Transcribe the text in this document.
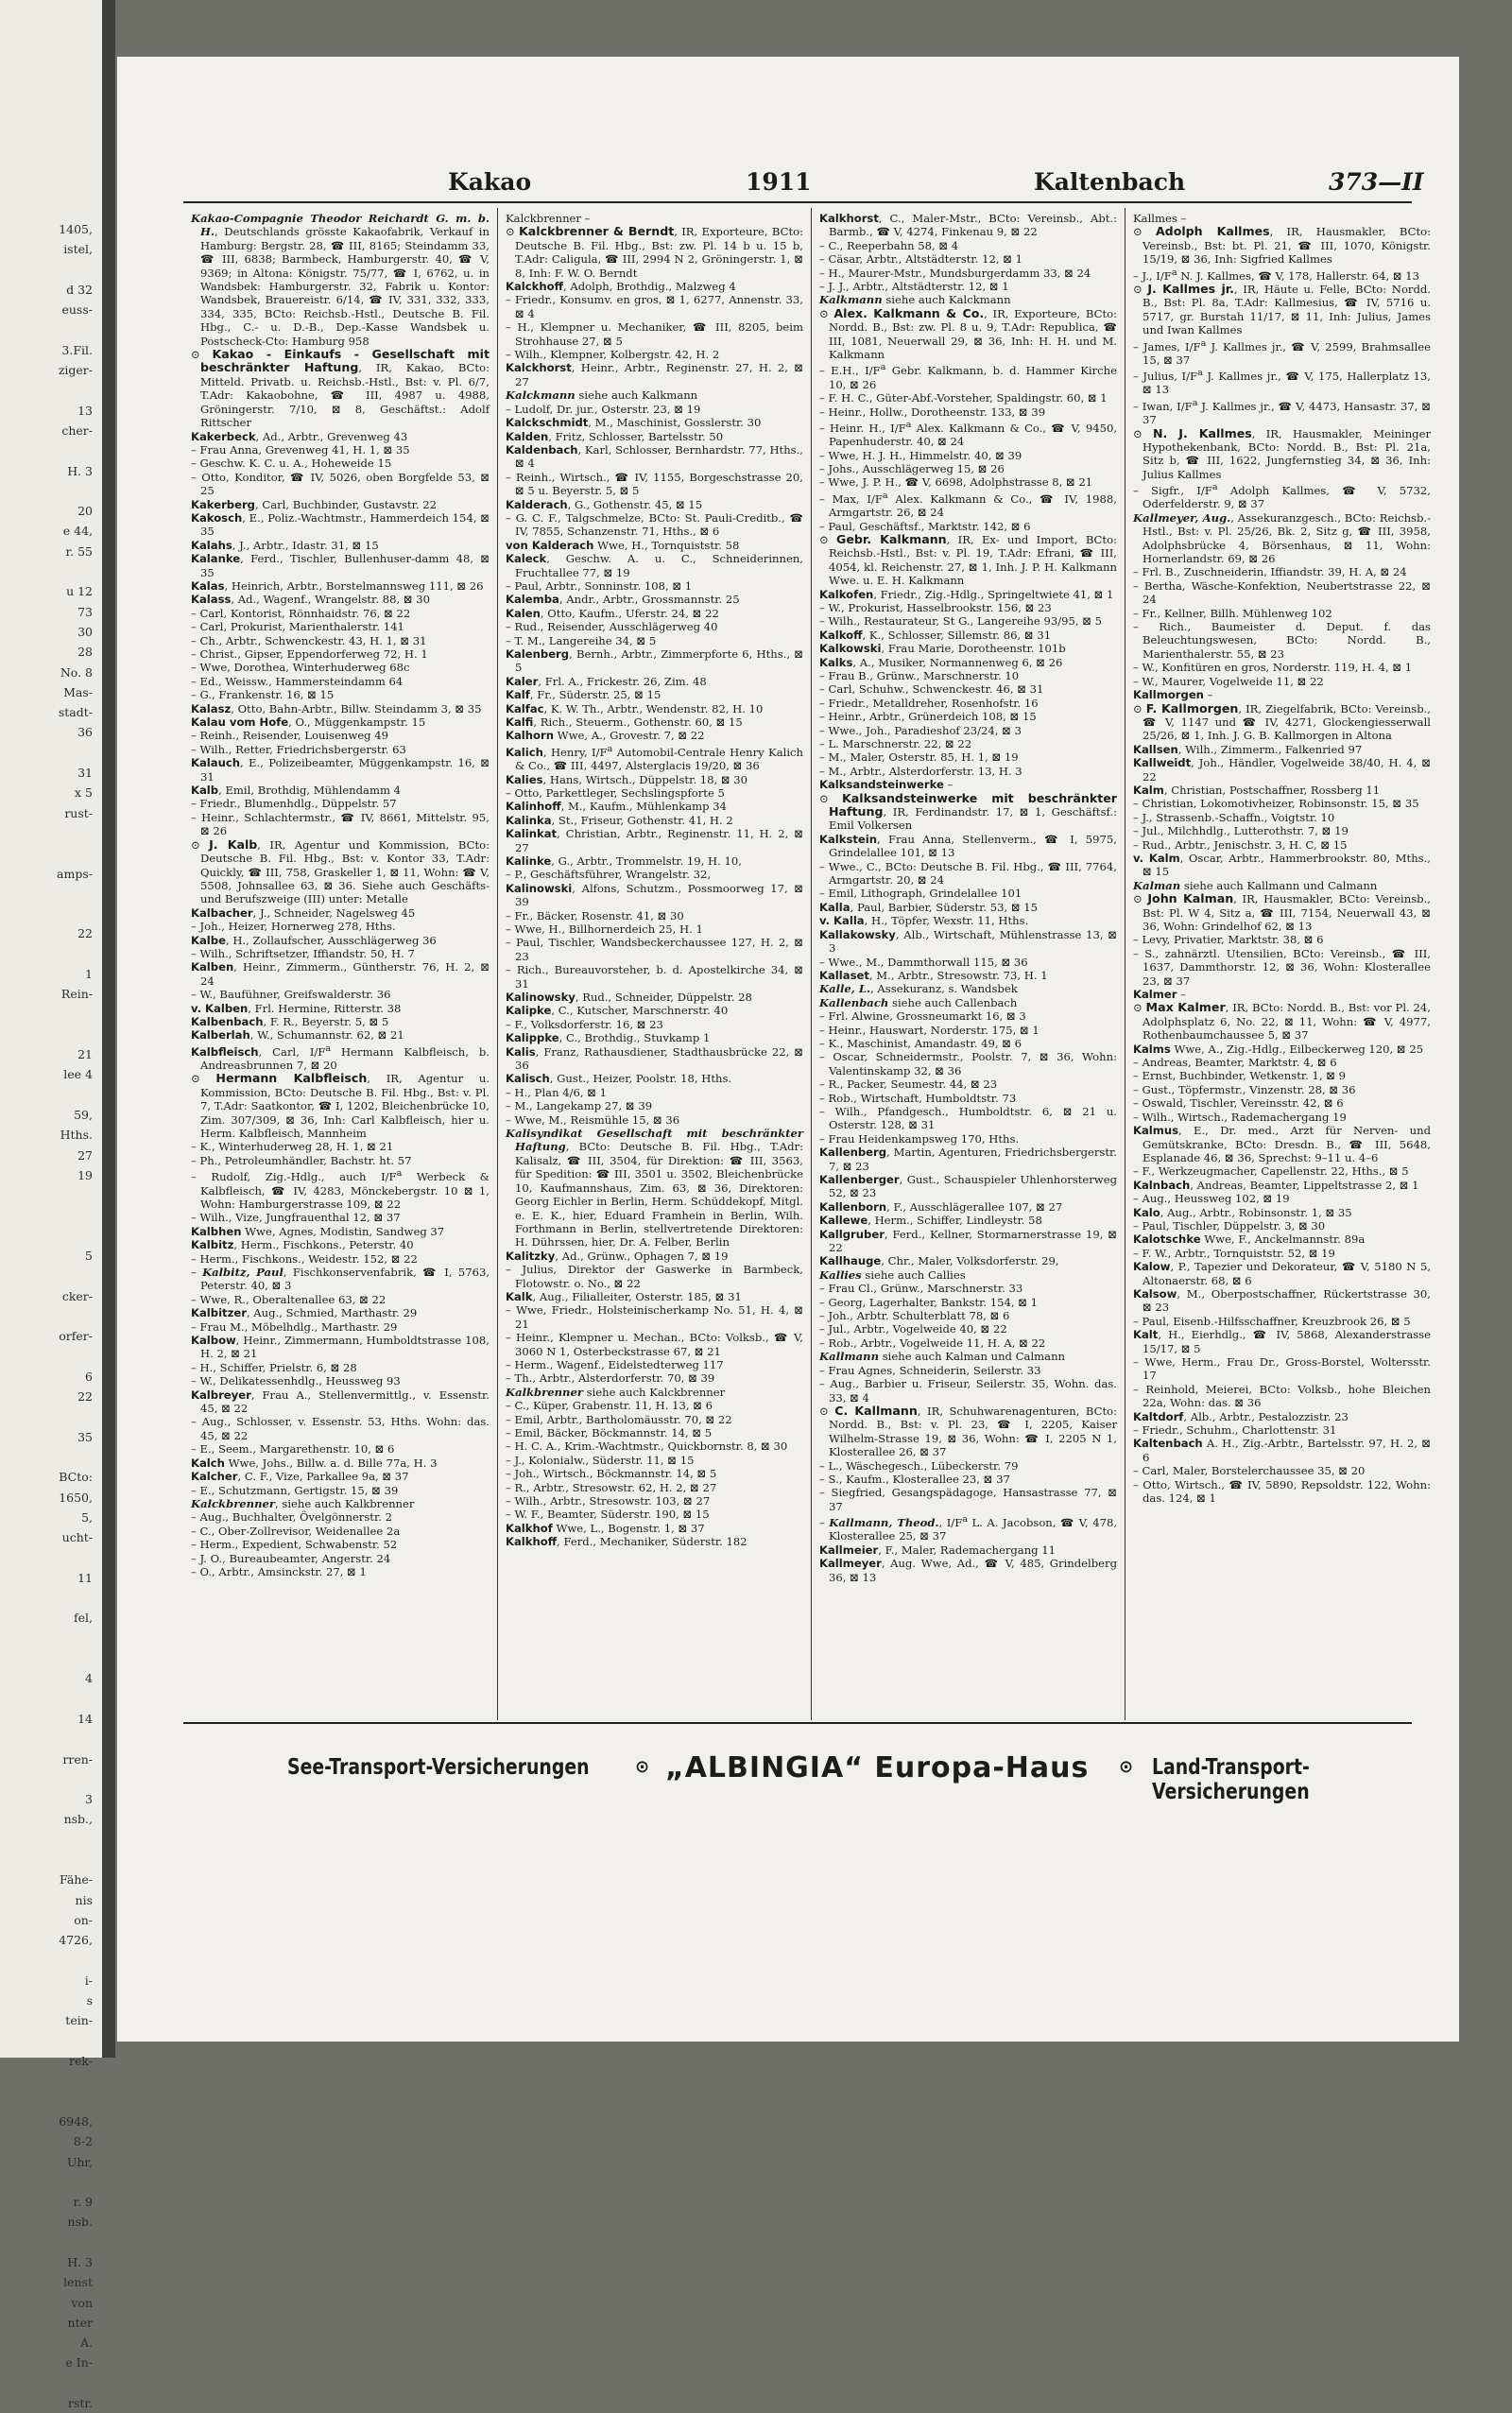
1405,
istel,

d 32
euss-

3.Fil.
ziger-

13
cher-

H. 3

20
e 44,
r. 55

u 12
73
30
28
No. 8
Mas-
stadt-
36

31
x 5
rust-

amps-

22

1
Rein-

21
lee 4

59,
Hths.
27
19

5

cker-

orfer-

6
22

35

BCto:
1650,
5,
ucht-

11

fel,

4

14

rren-

3
nsb.,

Fähe-
nis
on-
4726,

i-
s
tein-

rek-

6948,
8-2
Uhr,

r. 9
nsb.

H. 3
lenst
von
nter
A.
e In-

rstr.
Kakao	1911	Kaltenbach	373—II

Kakao-Compagnie Theodor Reichardt G. m. b. H., Deutschlands grösste Kakaofabrik, Verkauf in Hamburg: Bergstr. 28, ☎ III, 8165; Steindamm 33, ☎ III, 6838; Barmbeck, Hamburgerstr. 40, ☎ V, 9369; in Altona: Königstr. 75/77, ☎ I, 6762, u. in Wandsbek: Hamburgerstr. 32, Fabrik u. Kontor: Wandsbek, Brauereistr. 6/14, ☎ IV, 331, 332, 333, 334, 335, BCto: Reichsb.-Hstl., Deutsche B. Fil. Hbg., C.- u. D.-B., Dep.-Kasse Wandsbek u. Postscheck-Cto: Hamburg 958

⊙ Kakao - Einkaufs - Gesellschaft mit beschränkter Haftung, IR, Kakao, BCto: Mitteld. Privatb. u. Reichsb.-Hstl., Bst: v. Pl. 6/7, T.Adr: Kakaobohne, ☎ III, 4987 u. 4988, Gröningerstr. 7/10, ⊠ 8, Geschäftst.: Adolf Rittscher

Kakerbeck, Ad., Arbtr., Grevenweg 43

– Frau Anna, Grevenweg 41, H. 1, ⊠ 35

– Geschw. K. C. u. A., Hoheweide 15

– Otto, Konditor, ☎ IV, 5026, oben Borgfelde 53, ⊠ 25

Kakerberg, Carl, Buchbinder, Gustavstr. 22

Kakosch, E., Poliz.-Wachtmstr., Hammerdeich 154, ⊠ 35

Kalahs, J., Arbtr., Idastr. 31, ⊠ 15

Kalanke, Ferd., Tischler, Bullenhuser-damm 48, ⊠ 35

Kalas, Heinrich, Arbtr., Borstelmannsweg 111, ⊠ 26

Kalass, Ad., Wagenf., Wrangelstr. 88, ⊠ 30

– Carl, Kontorist, Rönnhaidstr. 76, ⊠ 22

– Carl, Prokurist, Marienthalerstr. 141

– Ch., Arbtr., Schwenckestr. 43, H. 1, ⊠ 31

– Christ., Gipser, Eppendorferweg 72, H. 1

– Wwe, Dorothea, Winterhuderweg 68c

– Ed., Weissw., Hammersteindamm 64

– G., Frankenstr. 16, ⊠ 15

Kalasz, Otto, Bahn-Arbtr., Billw. Steindamm 3, ⊠ 35

Kalau vom Hofe, O., Müggenkampstr. 15

– Reinh., Reisender, Louisenweg 49

– Wilh., Retter, Friedrichsbergerstr. 63

Kalauch, E., Polizeibeamter, Müggenkampstr. 16, ⊠ 31

Kalb, Emil, Brothdig, Mühlendamm 4

– Friedr., Blumenhdlg., Düppelstr. 57

– Heinr., Schlachtermstr., ☎ IV, 8661, Mittelstr. 95, ⊠ 26

⊙ J. Kalb, IR, Agentur und Kommission, BCto: Deutsche B. Fil. Hbg., Bst: v. Kontor 33, T.Adr: Quickly, ☎ III, 758, Graskeller 1, ⊠ 11, Wohn: ☎ V, 5508, Johnsallee 63, ⊠ 36. Siehe auch Geschäfts- und Berufszweige (III) unter: Metalle

Kalbacher, J., Schneider, Nagelsweg 45

– Joh., Heizer, Hornerweg 278, Hths.

Kalbe, H., Zollaufscher, Ausschlägerweg 36

– Wilh., Schriftsetzer, Iffiandstr. 50, H. 7

Kalben, Heinr., Zimmerm., Güntherstr. 76, H. 2, ⊠ 24

– W., Baufühner, Greifswalderstr. 36

v. Kalben, Frl. Hermine, Ritterstr. 38

Kalbenbach, F. R., Beyerstr. 5, ⊠ 5

Kalberlah, W., Schumannstr. 62, ⊠ 21

Kalbfleisch, Carl, $I/F^a$ Hermann Kalbfleisch, b. Andreasbrunnen 7, ⊠ 20

⊙ Hermann Kalbfleisch, IR, Agentur u. Kommission, BCto: Deutsche B. Fil. Hbg., Bst: v. Pl. 7, T.Adr: Saatkontor, ☎ I, 1202, Bleichenbrücke 10, Zim. 307/309, ⊠ 36, Inh: Carl Kalbfleisch, hier u. Herm. Kalbfleisch, Mannheim

– K., Winterhuderweg 28, H. 1, ⊠ 21

– Ph., Petroleumhändler, Bachstr. ht. 57

– Rudolf, Zig.-Hdlg., auch $I/F^a$ Werbeck & Kalbfleisch, ☎ IV, 4283, Mönckebergstr. 10 ⊠ 1, Wohn: Hamburgerstrasse 109, ⊠ 22

– Wilh., Vize, Jungfrauenthal 12, ⊠ 37

Kalbhen Wwe, Agnes, Modistin, Sandweg 37

Kalbitz, Herm., Fischkons., Peterstr. 40

– Herm., Fischkons., Weidestr. 152, ⊠ 22

– Kalbitz, Paul, Fischkonservenfabrik, ☎ I, 5763, Peterstr. 40, ⊠ 3

– Wwe, R., Oberaltenallee 63, ⊠ 22

Kalbitzer, Aug., Schmied, Marthastr. 29

– Frau M., Möbelhdlg., Marthastr. 29

Kalbow, Heinr., Zimmermann, Humboldtstrasse 108, H. 2, ⊠ 21

– H., Schiffer, Prielstr. 6, ⊠ 28

– W., Delikatessenhdlg., Heussweg 93

Kalbreyer, Frau A., Stellenvermittlg., v. Essenstr. 45, ⊠ 22

– Aug., Schlosser, v. Essenstr. 53, Hths. Wohn: das. 45, ⊠ 22

– E., Seem., Margarethenstr. 10, ⊠ 6

Kalch Wwe, Johs., Billw. a. d. Bille 77a, H. 3

Kalcher, C. F., Vize, Parkallee 9a, ⊠ 37

– E., Schutzmann, Gertigstr. 15, ⊠ 39

Kalckbrenner, siehe auch Kalkbrenner

– Aug., Buchhalter, Övelgönnerstr. 2

– C., Ober-Zollrevisor, Weidenallee 2a

– Herm., Expedient, Schwabenstr. 52

– J. O., Bureaubeamter, Angerstr. 24

– O., Arbtr., Amsinckstr. 27, ⊠ 1

Kalckbrenner –

⊙ Kalckbrenner & Berndt, IR, Exporteure, BCto: Deutsche B. Fil. Hbg., Bst: zw. Pl. 14 b u. 15 b, T.Adr: Caligula, ☎ III, 2994 N 2, Gröningerstr. 1, ⊠ 8, Inh: F. W. O. Berndt

Kalckhoff, Adolph, Brothdig., Malzweg 4

– Friedr., Konsumv. en gros, ⊠ 1, 6277, Annenstr. 33, ⊠ 4

– H., Klempner u. Mechaniker, ☎ III, 8205, beim Strohhause 27, ⊠ 5

– Wilh., Klempner, Kolbergstr. 42, H. 2

Kalckhorst, Heinr., Arbtr., Reginenstr. 27, H. 2, ⊠ 27

Kalckmann siehe auch Kalkmann

– Ludolf, Dr. jur., Osterstr. 23, ⊠ 19

Kalckschmidt, M., Maschinist, Gosslerstr. 30

Kalden, Fritz, Schlosser, Bartelsstr. 50

Kaldenbach, Karl, Schlosser, Bernhardstr. 77, Hths., ⊠ 4

– Reinh., Wirtsch., ☎ IV, 1155, Borgeschstrasse 20, ⊠ 5 u. Beyerstr. 5, ⊠ 5

Kalderach, G., Gothenstr. 45, ⊠ 15

– G. C. F., Talgschmelze, BCto: St. Pauli-Creditb., ☎ IV, 7855, Schanzenstr. 71, Hths., ⊠ 6

von Kalderach Wwe, H., Tornquiststr. 58

Kaleck, Geschw. A. u. C., Schneiderinnen, Fruchtallee 77, ⊠ 19

– Paul, Arbtr., Sonninstr. 108, ⊠ 1

Kalemba, Andr., Arbtr., Grossmannstr. 25

Kalen, Otto, Kaufm., Uferstr. 24, ⊠ 22

– Rud., Reisender, Ausschlägerweg 40

– T. M., Langereihe 34, ⊠ 5

Kalenberg, Bernh., Arbtr., Zimmerpforte 6, Hths., ⊠ 5

Kaler, Frl. A., Frickestr. 26, Zim. 48

Kalf, Fr., Süderstr. 25, ⊠ 15

Kalfac, K. W. Th., Arbtr., Wendenstr. 82, H. 10

Kalfi, Rich., Steuerm., Gothenstr. 60, ⊠ 15

Kalhorn Wwe, A., Grovestr. 7, ⊠ 22

Kalich, Henry, $I/F^a$ Automobil-Centrale Henry Kalich & Co., ☎ III, 4497, Alsterglacis 19/20, ⊠ 36

Kalies, Hans, Wirtsch., Düppelstr. 18, ⊠ 30

– Otto, Parkettleger, Sechslingspforte 5

Kalinhoff, M., Kaufm., Mühlenkamp 34

Kalinka, St., Friseur, Gothenstr. 41, H. 2

Kalinkat, Christian, Arbtr., Reginenstr. 11, H. 2, ⊠ 27

Kalinke, G., Arbtr., Trommelstr. 19, H. 10,

– P., Geschäftsführer, Wrangelstr. 32,

Kalinowski, Alfons, Schutzm., Possmoorweg 17, ⊠ 39

– Fr., Bäcker, Rosenstr. 41, ⊠ 30

– Wwe, H., Billhornerdeich 25, H. 1

– Paul, Tischler, Wandsbeckerchaussee 127, H. 2, ⊠ 23

– Rich., Bureauvorsteher, b. d. Apostelkirche 34, ⊠ 31

Kalinowsky, Rud., Schneider, Düppelstr. 28

Kalipke, C., Kutscher, Marschnerstr. 40

– F., Volksdorferstr. 16, ⊠ 23

Kalippke, C., Brothdig., Stuvkamp 1

Kalis, Franz, Rathausdiener, Stadthausbrücke 22, ⊠ 36

Kalisch, Gust., Heizer, Poolstr. 18, Hths.

– H., Plan 4/6, ⊠ 1

– M., Langekamp 27, ⊠ 39

– Wwe, M., Reismühle 15, ⊠ 36

Kalisyndikat Gesellschaft mit beschränkter Haftung, BCto: Deutsche B. Fil. Hbg., T.Adr: Kalisalz, ☎ III, 3504, für Direktion: ☎ III, 3563, für Spedition: ☎ III, 3501 u. 3502, Bleichenbrücke 10, Kaufmannshaus, Zim. 63, ⊠ 36, Direktoren: Georg Eichler in Berlin, Herm. Schüddekopf, Mitgl. e. E. K., hier, Eduard Framhein in Berlin, Wilh. Forthmann in Berlin, stellvertretende Direktoren: H. Dührssen, hier, Dr. A. Felber, Berlin

Kalitzky, Ad., Grünw., Ophagen 7, ⊠ 19

– Julius, Direktor der Gaswerke in Barmbeck, Flotowstr. o. No., ⊠ 22

Kalk, Aug., Filialleiter, Osterstr. 185, ⊠ 31

– Wwe, Friedr., Holsteinischerkamp No. 51, H. 4, ⊠ 21

– Heinr., Klempner u. Mechan., BCto: Volksb., ☎ V, 3060 N 1, Osterbeckstrasse 67, ⊠ 21

– Herm., Wagenf., Eidelstedterweg 117

– Th., Arbtr., Alsterdorferstr. 70, ⊠ 39

Kalkbrenner siehe auch Kalckbrenner

– C., Küper, Grabenstr. 11, H. 13, ⊠ 6

– Emil, Arbtr., Bartholomäusstr. 70, ⊠ 22

– Emil, Bäcker, Böckmannstr. 14, ⊠ 5

– H. C. A., Krim.-Wachtmstr., Quickbornstr. 8, ⊠ 30

– J., Kolonialw., Süderstr. 11, ⊠ 15

– Joh., Wirtsch., Böckmannstr. 14, ⊠ 5

– R., Arbtr., Stresowstr. 62, H. 2, ⊠ 27

– Wilh., Arbtr., Stresowstr. 103, ⊠ 27

– W. F., Beamter, Süderstr. 190, ⊠ 15

Kalkhof Wwe, L., Bogenstr. 1, ⊠ 37

Kalkhoff, Ferd., Mechaniker, Süderstr. 182

Kalkhorst, C., Maler-Mstr., BCto: Vereinsb., Abt.: Barmb., ☎ V, 4274, Finkenau 9, ⊠ 22

– C., Reeperbahn 58, ⊠ 4

– Cäsar, Arbtr., Altstädterstr. 12, ⊠ 1

– H., Maurer-Mstr., Mundsburgerdamm 33, ⊠ 24

– J. J., Arbtr., Altstädterstr. 12, ⊠ 1

Kalkmann siehe auch Kalckmann

⊙ Alex. Kalkmann & Co., IR, Exporteure, BCto: Nordd. B., Bst: zw. Pl. 8 u. 9, T.Adr: Republica, ☎ III, 1081, Neuerwall 29, ⊠ 36, Inh: H. H. und M. Kalkmann

– E.H., $I/F^a$ Gebr. Kalkmann, b. d. Hammer Kirche 10, ⊠ 26

– F. H. C., Güter-Abf.-Vorsteher, Spaldingstr. 60, ⊠ 1

– Heinr., Hollw., Dorotheenstr. 133, ⊠ 39

– Heinr. H., $I/F^a$ Alex. Kalkmann & Co., ☎ V, 9450, Papenhuderstr. 40, ⊠ 24

– Wwe, H. J. H., Himmelstr. 40, ⊠ 39

– Johs., Ausschlägerweg 15, ⊠ 26

– Wwe, J. P. H., ☎ V, 6698, Adolphstrasse 8, ⊠ 21

– Max, $I/F^a$ Alex. Kalkmann & Co., ☎ IV, 1988, Armgartstr. 26, ⊠ 24

– Paul, Geschäftsf., Marktstr. 142, ⊠ 6

⊙ Gebr. Kalkmann, IR, Ex- und Import, BCto: Reichsb.-Hstl., Bst: v. Pl. 19, T.Adr: Efrani, ☎ III, 4054, kl. Reichenstr. 27, ⊠ 1, Inh. J. P. H. Kalkmann Wwe. u. E. H. Kalkmann

Kalkofen, Friedr., Zig.-Hdlg., Springeltwiete 41, ⊠ 1

– W., Prokurist, Hasselbrookstr. 156, ⊠ 23

– Wilh., Restaurateur, St G., Langereihe 93/95, ⊠ 5

Kalkoff, K., Schlosser, Sillemstr. 86, ⊠ 31

Kalkowski, Frau Marie, Dorotheenstr. 101b

Kalks, A., Musiker, Normannenweg 6, ⊠ 26

– Frau B., Grünw., Marschnerstr. 10

– Carl, Schuhw., Schwenckestr. 46, ⊠ 31

– Friedr., Metalldreher, Rosenhofstr. 16

– Heinr., Arbtr., Grünerdeich 108, ⊠ 15

– Wwe., Joh., Paradieshof 23/24, ⊠ 3

– L. Marschnerstr. 22, ⊠ 22

– M., Maler, Osterstr. 85, H. 1, ⊠ 19

– M., Arbtr., Alsterdorferstr. 13, H. 3

Kalksandsteinwerke –

⊙ Kalksandsteinwerke mit beschränkter Haftung, IR, Ferdinandstr. 17, ⊠ 1, Geschäftsf.: Emil Volkersen

Kalkstein, Frau Anna, Stellenverm., ☎ I, 5975, Grindelallee 101, ⊠ 13

– Wwe., C., BCto: Deutsche B. Fil. Hbg., ☎ III, 7764, Armgartstr. 20, ⊠ 24

– Emil, Lithograph, Grindelallee 101

Kalla, Paul, Barbier, Süderstr. 53, ⊠ 15

v. Kalla, H., Töpfer, Wexstr. 11, Hths.

Kallakowsky, Alb., Wirtschaft, Mühlenstrasse 13, ⊠ 3

– Wwe., M., Dammthorwall 115, ⊠ 36

Kallaset, M., Arbtr., Stresowstr. 73, H. 1

Kalle, L., Assekuranz, s. Wandsbek

Kallenbach siehe auch Callenbach

– Frl. Alwine, Grossneumarkt 16, ⊠ 3

– Heinr., Hauswart, Norderstr. 175, ⊠ 1

– K., Maschinist, Amandastr. 49, ⊠ 6

– Oscar, Schneidermstr., Poolstr. 7, ⊠ 36, Wohn: Valentinskamp 32, ⊠ 36

– R., Packer, Seumestr. 44, ⊠ 23

– Rob., Wirtschaft, Humboldtstr. 73

– Wilh., Pfandgesch., Humboldtstr. 6, ⊠ 21 u. Osterstr. 128, ⊠ 31

– Frau Heidenkampsweg 170, Hths.

Kallenberg, Martin, Agenturen, Friedrichsbergerstr. 7, ⊠ 23

Kallenberger, Gust., Schauspieler Uhlenhorsterweg 52, ⊠ 23

Kallenborn, F., Ausschlägerallee 107, ⊠ 27

Kallewe, Herm., Schiffer, Lindleystr. 58

Kallgruber, Ferd., Kellner, Stormarnerstrasse 19, ⊠ 22

Kallhauge, Chr., Maler, Volksdorferstr. 29,

Kallies siehe auch Callies

– Frau Cl., Grünw., Marschnerstr. 33

– Georg, Lagerhalter, Bankstr. 154, ⊠ 1

– Joh., Arbtr. Schulterblatt 78, ⊠ 6

– Jul., Arbtr., Vogelweide 40, ⊠ 22

– Rob., Arbtr., Vogelweide 11, H. A, ⊠ 22

Kallmann siehe auch Kalman und Calmann

– Frau Agnes, Schneiderin, Seilerstr. 33

– Aug., Barbier u. Friseur, Seilerstr. 35, Wohn. das. 33, ⊠ 4

⊙ C. Kallmann, IR, Schuhwarenagenturen, BCto: Nordd. B., Bst: v. Pl. 23, ☎ I, 2205, Kaiser Wilhelm-Strasse 19, ⊠ 36, Wohn: ☎ I, 2205 N 1, Klosterallee 26, ⊠ 37

– L., Wäschegesch., Lübeckerstr. 79

– S., Kaufm., Klosterallee 23, ⊠ 37

– Siegfried, Gesangspädagoge, Hansastrasse 77, ⊠ 37

– Kallmann, Theod., $I/F^a$ L. A. Jacobson, ☎ V, 478, Klosterallee 25, ⊠ 37

Kallmeier, F., Maler, Rademachergang 11

Kallmeyer, Aug. Wwe, Ad., ☎ V, 485, Grindelberg 36, ⊠ 13

Kallmes –

⊙ Adolph Kallmes, IR, Hausmakler, BCto: Vereinsb., Bst: bt. Pl. 21, ☎ III, 1070, Königstr. 15/19, ⊠ 36, Inh: Sigfried Kallmes

– J., $I/F^a$ N. J. Kallmes, ☎ V, 178, Hallerstr. 64, ⊠ 13

⊙ J. Kallmes jr., IR, Häute u. Felle, BCto: Nordd. B., Bst: Pl. 8a, T.Adr: Kallmesius, ☎ IV, 5716 u. 5717, gr. Burstah 11/17, ⊠ 11, Inh: Julius, James und Iwan Kallmes

– James, $I/F^a$ J. Kallmes jr., ☎ V, 2599, Brahmsallee 15, ⊠ 37

– Julius, $I/F^a$ J. Kallmes jr., ☎ V, 175, Hallerplatz 13, ⊠ 13

– Iwan, $I/F^a$ J. Kallmes jr., ☎ V, 4473, Hansastr. 37, ⊠ 37

⊙ N. J. Kallmes, IR, Hausmakler, Meininger Hypothekenbank, BCto: Nordd. B., Bst: Pl. 21a, Sitz b, ☎ III, 1622, Jungfernstieg 34, ⊠ 36, Inh: Julius Kallmes

– Sigfr., $I/F^a$ Adolph Kallmes, ☎ V, 5732, Oderfelderstr. 9, ⊠ 37

Kallmeyer, Aug., Assekuranzgesch., BCto: Reichsb.-Hstl., Bst: v. Pl. 25/26, Bk. 2, Sitz g, ☎ III, 3958, Adolphsbrücke 4, Börsenhaus, ⊠ 11, Wohn: Hornerlandstr. 69, ⊠ 26

– Frl. B., Zuschneiderin, Iffiandstr. 39, H. A, ⊠ 24

– Bertha, Wäsche-Konfektion, Neubertstrasse 22, ⊠ 24

– Fr., Kellner, Billh. Mühlenweg 102

– Rich., Baumeister d. Deput. f. das Beleuchtungswesen, BCto: Nordd. B., Marienthalerstr. 55, ⊠ 23

– W., Konfitüren en gros, Norderstr. 119, H. 4, ⊠ 1

– W., Maurer, Vogelweide 11, ⊠ 22

Kallmorgen –

⊙ F. Kallmorgen, IR, Ziegelfabrik, BCto: Vereinsb., ☎ V, 1147 und ☎ IV, 4271, Glockengiesserwall 25/26, ⊠ 1, Inh. J. G. B. Kallmorgen in Altona

Kallsen, Wilh., Zimmerm., Falkenried 97

Kallweidt, Joh., Händler, Vogelweide 38/40, H. 4, ⊠ 22

Kalm, Christian, Postschaffner, Rossberg 11

– Christian, Lokomotivheizer, Robinsonstr. 15, ⊠ 35

– J., Strassenb.-Schaffn., Voigtstr. 10

– Jul., Milchhdlg., Lutterothstr. 7, ⊠ 19

– Rud., Arbtr., Jenischstr. 3, H. C, ⊠ 15

v. Kalm, Oscar, Arbtr., Hammerbrookstr. 80, Mths., ⊠ 15

Kalman siehe auch Kallmann und Calmann

⊙ John Kalman, IR, Hausmakler, BCto: Vereinsb., Bst: Pl. W 4, Sitz a, ☎ III, 7154, Neuerwall 43, ⊠ 36, Wohn: Grindelhof 62, ⊠ 13

– Levy, Privatier, Marktstr. 38, ⊠ 6

– S., zahnärztl. Utensilien, BCto: Vereinsb., ☎ III, 1637, Dammthorstr. 12, ⊠ 36, Wohn: Klosterallee 23, ⊠ 37

Kalmer –

⊙ Max Kalmer, IR, BCto: Nordd. B., Bst: vor Pl. 24, Adolphsplatz 6, No. 22, ⊠ 11, Wohn: ☎ V, 4977, Rothenbaumchaussee 5, ⊠ 37

Kalms Wwe, A., Zig.-Hdlg., Eilbeckerweg 120, ⊠ 25

– Andreas, Beamter, Marktstr. 4, ⊠ 6

– Ernst, Buchbinder, Wetkenstr. 1, ⊠ 9

– Gust., Töpfermstr., Vinzenstr. 28, ⊠ 36

– Oswald, Tischler, Vereinsstr. 42, ⊠ 6

– Wilh., Wirtsch., Rademachergang 19

Kalmus, E., Dr. med., Arzt für Nerven- und Gemütskranke, BCto: Dresdn. B., ☎ III, 5648, Esplanade 46, ⊠ 36, Sprechst: 9–11 u. 4–6

– F., Werkzeugmacher, Capellenstr. 22, Hths., ⊠ 5

Kalnbach, Andreas, Beamter, Lippeltstrasse 2, ⊠ 1

– Aug., Heussweg 102, ⊠ 19

Kalo, Aug., Arbtr., Robinsonstr. 1, ⊠ 35

– Paul, Tischler, Düppelstr. 3, ⊠ 30

Kalotschke Wwe, F., Anckelmannstr. 89a

– F. W., Arbtr., Tornquiststr. 52, ⊠ 19

Kalow, P., Tapezier und Dekorateur, ☎ V, 5180 N 5, Altonaerstr. 68, ⊠ 6

Kalsow, M., Oberpostschaffner, Rückertstrasse 30, ⊠ 23

– Paul, Eisenb.-Hilfsschaffner, Kreuzbrook 26, ⊠ 5

Kalt, H., Eierhdlg., ☎ IV, 5868, Alexanderstrasse 15/17, ⊠ 5

– Wwe, Herm., Frau Dr., Gross-Borstel, Woltersstr. 17

– Reinhold, Meierei, BCto: Volksb., hohe Bleichen 22a, Wohn: das. ⊠ 36

Kaltdorf, Alb., Arbtr., Pestalozzistr. 23

– Friedr., Schuhm., Charlottenstr. 31

Kaltenbach A. H., Zig.-Arbtr., Bartelsstr. 97, H. 2, ⊠ 6

– Carl, Maler, Borstelerchaussee 35, ⊠ 20

– Otto, Wirtsch., ☎ IV, 5890, Repsoldstr. 122, Wohn: das. 124, ⊠ 1

See-Transport-Versicherungen	⊙ „ALBINGIA“ Europa-Haus ⊙ Land-Transport-Versicherungen
